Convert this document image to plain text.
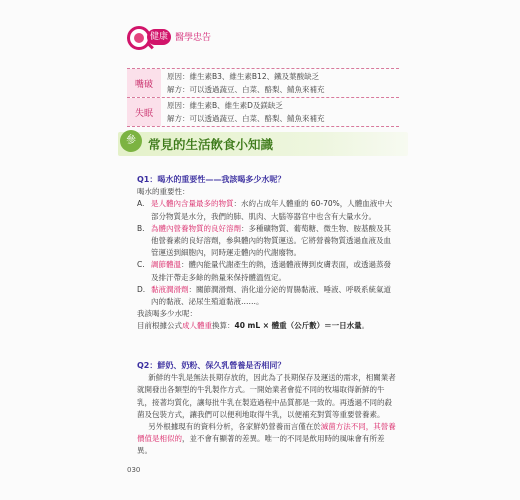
健康 醫學忠告
嘴破
原因：維生素B3、維生素B12、鐵及葉酸缺乏
解方：可以透過蔬豆、白菜、酪梨、鯖魚來補充
失眠
原因：維生素B、維生素D及鎂缺乏
解方：可以透過蔬豆、白菜、酪梨、鯖魚來補充
參 常見的生活飲食小知識
Q1：喝水的重要性——我該喝多少水呢？
喝水的重要性：
A. 是人體內含量最多的物質：水約占成年人體重的 60-70%，人體血液中大部分物質是水分，我們的肺、肌肉、大腦等器官中也含有大量水分。
B. 為體內營養物質的良好溶劑：多種礦物質、葡萄糖、微生物、胺基酸及其他營養素的良好溶劑，參與體內的物質運送。它將營養物質透過血液及血管運送到細胞內，同時運走體內的代謝廢物。
C. 調節體溫：體內能量代謝產生的熱，透過體液傳到皮膚表面，或透過蒸發及排汗帶走多餘的熱量來保持體溫恆定。
D. 黏液潤滑劑：關節潤滑劑、消化道分泌的胃腸黏液、唾液、呼吸系統氣道內的黏液、泌尿生殖道黏液……。
我該喝多少水呢：
目前根據公式成人體重換算：40 mL × 體重（公斤數）＝一日水量。
Q2：鮮奶、奶粉、保久乳營養是否相同？
新鮮的牛乳是無法長期存放的，因此為了長期保存及運送的需求，相關業者就開發出各類型的牛乳製作方式。一開始業者會從不同的牧場取得新鮮的牛乳，接著均質化，讓每批牛乳在製造過程中品質都是一致的。再透過不同的殺菌及包裝方式，讓我們可以便利地取得牛乳，以便補充對質等重要營養素。
另外根據現有的資料分析，各家鮮奶營養而言僅在於滅菌方法不同，其營養價值是相似的，並不會有顯著的差異。唯一的不同是飲用時的風味會有所差異。
030
